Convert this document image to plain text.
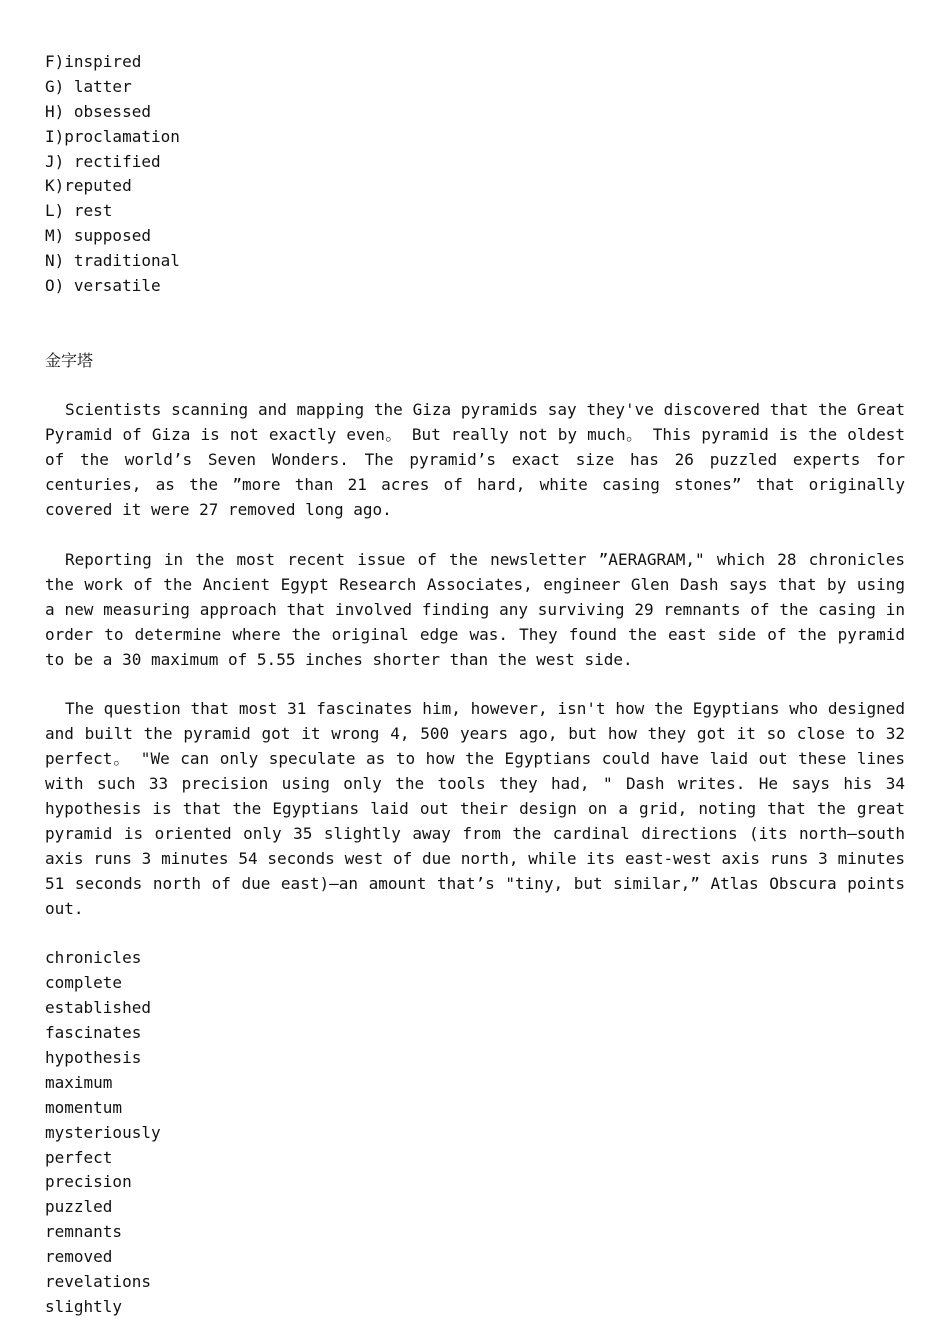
F)inspired
G) latter
H) obsessed
I)proclamation
J) rectified
K)reputed
L) rest
M) supposed
N) traditional
O) versatile
金字塔

Scientists scanning and mapping the Giza pyramids say they've discovered that the Great Pyramid of Giza is not exactly even。 But really not by much。 This pyramid is the oldest of the world’s Seven Wonders. The pyramid’s exact size has 26 puzzled experts for centuries, as the ”more than 21 acres of hard, white casing stones” that originally covered it were 27 removed long ago.

Reporting in the most recent issue of the newsletter ”AERAGRAM," which 28 chronicles the work of the Ancient Egypt Research Associates, engineer Glen Dash says that by using a new measuring approach that involved finding any surviving 29 remnants of the casing in order to determine where the original edge was. They found the east side of the pyramid to be a 30 maximum of 5.55 inches shorter than the west side.

The question that most 31 fascinates him, however, isn't how the Egyptians who designed and built the pyramid got it wrong 4, 500 years ago, but how they got it so close to 32 perfect。 "We can only speculate as to how the Egyptians could have laid out these lines with such 33 precision using only the tools they had, " Dash writes. He says his 34 hypothesis is that the Egyptians laid out their design on a grid, noting that the great pyramid is oriented only 35 slightly away from the cardinal directions (its north—south axis runs 3 minutes 54 seconds west of due north, while its east-west axis runs 3 minutes 51 seconds north of due east)—an amount that’s "tiny, but similar,” Atlas Obscura points out.

chronicles
complete
established
fascinates
hypothesis
maximum
momentum
mysteriously
perfect
precision
puzzled
remnants
removed
revelations
slightly
